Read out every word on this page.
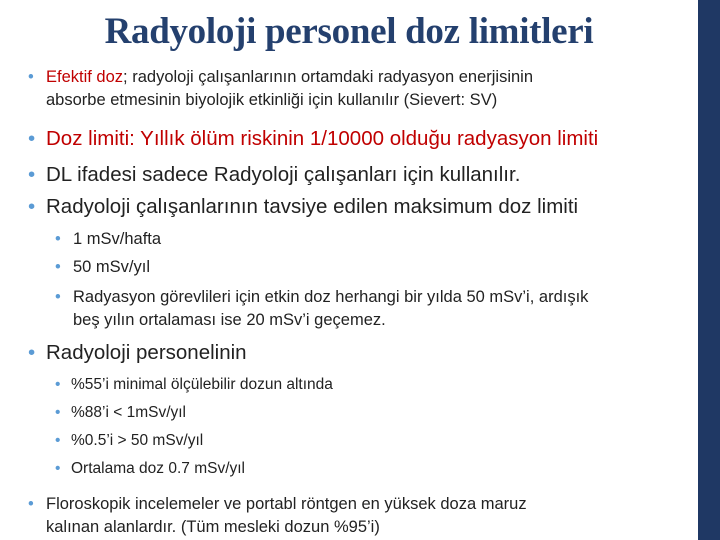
Radyoloji personel doz limitleri
• Efektif doz; radyoloji çalışanlarının ortamdaki radyasyon enerjisinin
absorbe etmesinin biyolojik etkinliği için kullanılır (Sievert: SV)
• Doz limiti: Yıllık ölüm riskinin 1/10000 olduğu radyasyon limiti
• DL ifadesi sadece Radyoloji çalışanları için kullanılır.
• Radyoloji çalışanlarının tavsiye edilen maksimum doz limiti
• 1 mSv/hafta
• 50 mSv/yıl
• Radyasyon görevlileri için etkin doz herhangi bir yılda 50 mSv’i, ardışık
beş yılın ortalaması ise 20 mSv’i geçemez.
• Radyoloji personelinin
• %55’i minimal ölçülebilir dozun altında
• %88’i < 1mSv/yıl
• %0.5’i > 50 mSv/yıl
• Ortalama doz 0.7 mSv/yıl
• Floroskopik incelemeler ve portabl röntgen en yüksek doza maruz
kalınan alanlardır. (Tüm mesleki dozun %95’i)
